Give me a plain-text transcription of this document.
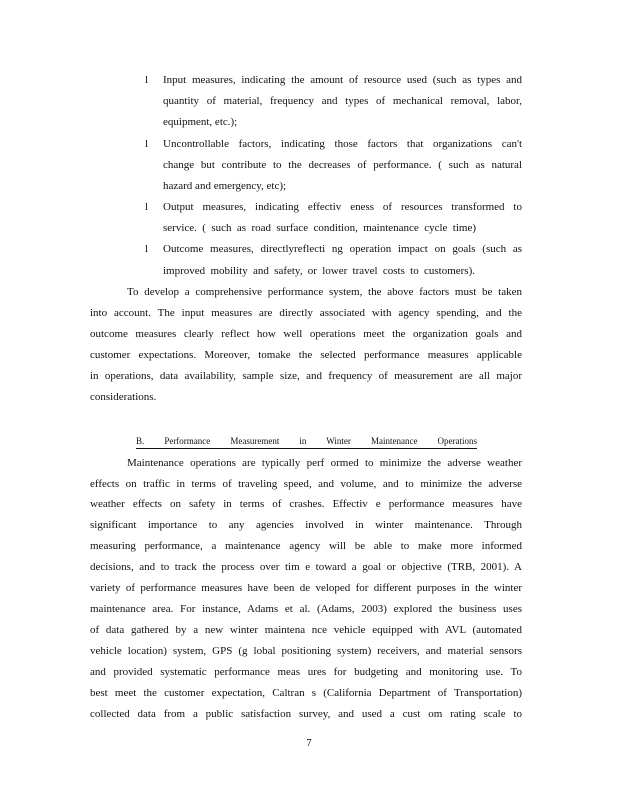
l Input measures, indicating the amount of resource used (such as types and
quantity of material, frequency and types of mechanical removal, labor,
equipment, etc.);
l Uncontrollable factors, indicating those factors that organizations can't
change but contribute to the decreases of performance. ( such as natural
hazard and emergency, etc);
l Output measures, indicating effectiv eness of resources transformed to
service. ( such as road surface condition, maintenance cycle time)
l Outcome measures, directlyreflecti ng operation impact on goals (such as
improved mobility and safety, or lower travel costs to customers).
To develop a comprehensive performance system, the above factors must be taken
into account. The input measures are directly associated with agency spending, and the
outcome measures clearly reflect how well operations meet the organization goals and
customer expectations. Moreover, tomake the selected performance measures applicable
in operations, data availability, sample size, and frequency of measurement are all major
considerations.
B. Performance Measurement in Winter Maintenance Operations
Maintenance operations are typically perf ormed to minimize the adverse weather
effects on traffic in terms of traveling speed, and volume, and to minimize the adverse
weather effects on safety in terms of crashes. Effectiv e performance measures have
significant importance to any agencies involved in winter maintenance. Through
measuring performance, a maintenance agency will be able to make more informed
decisions, and to track the process over tim e toward a goal or objective (TRB, 2001). A
variety of performance measures have been de veloped for different purposes in the winter
maintenance area. For instance, Adams et al. (Adams, 2003) explored the business uses
of data gathered by a new winter maintena nce vehicle equipped with AVL (automated
vehicle location) system, GPS (g lobal positioning system) receivers, and material sensors
and provided systematic performance meas ures for budgeting and monitoring use. To
best meet the customer expectation, Caltran s (California Department of Transportation)
collected data from a public satisfaction survey, and used a cust om rating scale to
7
